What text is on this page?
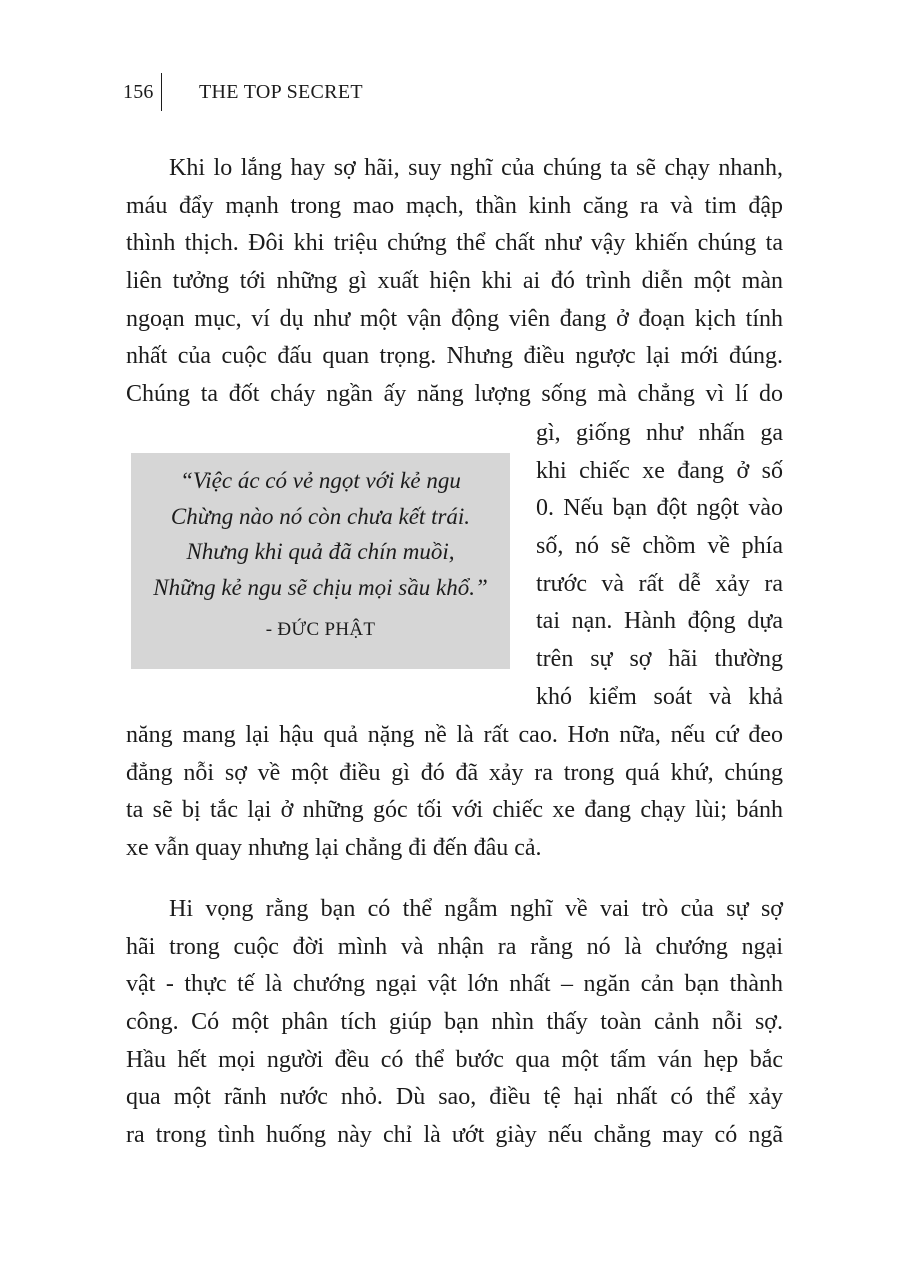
156	THE TOP SECRET
Khi lo lắng hay sợ hãi, suy nghĩ của chúng ta sẽ chạy nhanh,
máu đẩy mạnh trong mao mạch, thần kinh căng ra và tim đập
thình thịch. Đôi khi triệu chứng thể chất như vậy khiến chúng ta
liên tưởng tới những gì xuất hiện khi ai đó trình diễn một màn
ngoạn mục, ví dụ như một vận động viên đang ở đoạn kịch tính
nhất của cuộc đấu quan trọng. Nhưng điều ngược lại mới đúng.
Chúng ta đốt cháy ngần ấy năng lượng sống mà chẳng vì lí do
gì, giống như nhấn ga
khi chiếc xe đang ở số
0. Nếu bạn đột ngột vào
số, nó sẽ chồm về phía
trước và rất dễ xảy ra
tai nạn. Hành động dựa
trên sự sợ hãi thường
khó kiểm soát và khả
“Việc ác có vẻ ngọt với kẻ ngu
Chừng nào nó còn chưa kết trái.
Nhưng khi quả đã chín muồi,
Những kẻ ngu sẽ chịu mọi sầu khổ.”
- ĐỨC PHẬT
năng mang lại hậu quả nặng nề là rất cao. Hơn nữa, nếu cứ đeo
đẳng nỗi sợ về một điều gì đó đã xảy ra trong quá khứ, chúng
ta sẽ bị tắc lại ở những góc tối với chiếc xe đang chạy lùi; bánh
xe vẫn quay nhưng lại chẳng đi đến đâu cả.
Hi vọng rằng bạn có thể ngẫm nghĩ về vai trò của sự sợ
hãi trong cuộc đời mình và nhận ra rằng nó là chướng ngại
vật - thực tế là chướng ngại vật lớn nhất – ngăn cản bạn thành
công. Có một phân tích giúp bạn nhìn thấy toàn cảnh nỗi sợ.
Hầu hết mọi người đều có thể bước qua một tấm ván hẹp bắc
qua một rãnh nước nhỏ. Dù sao, điều tệ hại nhất có thể xảy
ra trong tình huống này chỉ là ướt giày nếu chẳng may có ngã
